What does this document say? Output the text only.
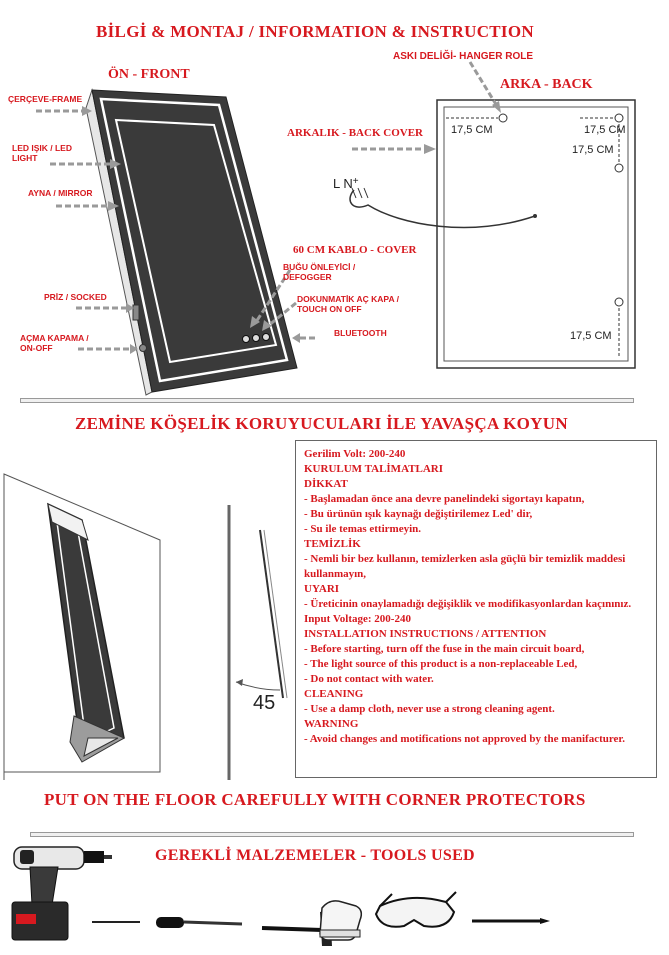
BİLGİ & MONTAJ / INFORMATION & INSTRUCTION
ASKI DELİĞİ- HANGER ROLE
ÖN - FRONT
ARKA - BACK
ÇERÇEVE-FRAME
LED IŞIK / LED
LIGHT
AYNA / MIRROR
PRİZ / SOCKED
AÇMA KAPAMA /
ON-OFF
BUĞU ÖNLEYİCİ /
DEFOGGER
DOKUNMATİK AÇ KAPA /
TOUCH ON OFF
BLUETOOTH
ARKALIK - BACK COVER
60 CM KABLO - COVER
L N+
17,5 CM	17,5 CM
17,5 CM
17,5 CM
ZEMİNE KÖŞELİK KORUYUCULARI İLE YAVAŞÇA KOYUN
45
Gerilim Volt: 200-240
KURULUM TALİMATLARI
DİKKAT
- Başlamadan önce ana devre panelindeki sigortayı kapatın,
- Bu ürünün ışık kaynağı değiştirilemez Led' dir,
- Su ile temas ettirmeyin.
TEMİZLİK
- Nemli bir bez kullanın, temizlerken asla güçlü bir temizlik maddesi kullanmayın,
UYARI
- Üreticinin onaylamadığı değişiklik ve modifikasyonlardan kaçınınız.
Input Voltage: 200-240
INSTALLATION INSTRUCTIONS / ATTENTION
- Before starting, turn off the fuse in the main circuit board,
- The light source of this product is a non-replaceable Led,
- Do not contact with water.
CLEANING
- Use a damp cloth, never use a strong cleaning agent.
WARNING
- Avoid changes and motifications not approved by the manifacturer.
PUT ON THE FLOOR CAREFULLY WITH CORNER PROTECTORS
GEREKLİ MALZEMELER - TOOLS USED
